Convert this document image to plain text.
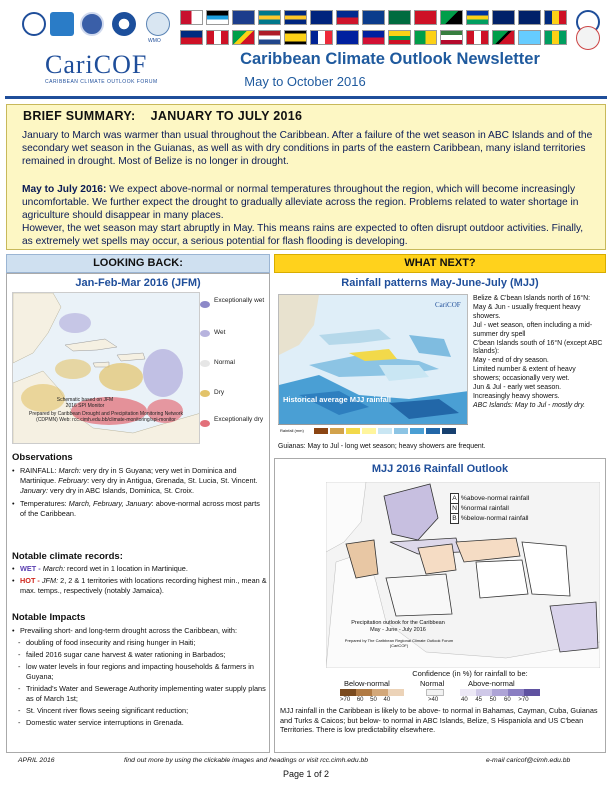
WMO
CariCOF
CARIBBEAN CLIMATE OUTLOOK FORUM
Caribbean Climate Outlook Newsletter
May to October 2016
BRIEF SUMMARY:    JANUARY TO JULY 2016
January to March was warmer than usual throughout the Caribbean. After a failure of the wet season in ABC Islands and of the secondary wet season in the Guianas, as well as with dry conditions in parts of the eastern Caribbean, many island territories remained in drought. Most of Belize is no longer in drought.
May to July 2016: We expect above-normal or normal temperatures throughout the region, which will become increasingly uncomfortable. We further expect the drought to gradually alleviate across the region. Problems related to water shortage in agriculture should disappear in many places.
However, the wet season may start abruptly in May. This means rains are expected to often disrupt outdoor activities. Finally, as extremely wet spells may occur, a serious potential for flash flooding is developing.
LOOKING BACK:
Jan-Feb-Mar 2016 (JFM)
Schematic based on JFM 2016 SPI Monitor
Prepared by Caribbean Drought and Precipitation Monitoring Network (CDPMN) Web: rcc.cimh.edu.bb/climate-monitoring/spi-monitor
Exceptionally wet
Wet
Normal
Dry
Exceptionally dry
Observations
• RAINFALL: March: very dry in S Guyana; very wet in Dominica and Martinique. February: very dry in Antigua, Grenada, St. Lucia, St. Vincent. January: very dry in ABC Islands, Dominica, St. Croix.
• Temperatures: March, February, January: above-normal across most parts of the Caribbean.
Notable climate records:
• WET - March: record wet in 1 location in Martinique.
• HOT - JFM: 2, 2 & 1 territories with locations recording highest min., mean & max. temps., respectively (notably Jamaica).
Notable Impacts
• Prevailing short- and long-term drought across the Caribbean, with:
- doubling of food insecurity and rising hunger in Haiti;
- failed 2016 sugar cane harvest & water rationing in Barbados;
- low water levels in four regions and impacting households & farmers in Guyana;
- Trinidad's Water and Sewerage Authority implementing water supply plans as of March 1st;
- St. Vincent river flows seeing significant reduction;
- Domestic water service interruptions in Grenada.
WHAT NEXT?
Rainfall patterns May-June-July (MJJ)
CariCOF
Historical average MJJ rainfall
Rainfall (mm)
Belize & C'bean Islands north of 16°N:
May & Jun - usually frequent heavy showers.
Jul - wet season, often including a mid-summer dry spell
C'bean Islands south of 16°N (except ABC Islands):
May - end of dry season.
Limited number & extent of heavy showers; occasionally very wet.
Jun & Jul - early wet season.
Increasingly heavy showers.
ABC Islands: May to Jul - mostly dry.
Guianas: May to Jul - long wet season; heavy showers are frequent.
MJJ 2016 Rainfall Outlook
Precipitation outlook for the Caribbean May - June - July 2016
Prepared by The Caribbean Regional Climate Outlook Forum (CariCOF)
A %above-normal rainfall
N %normal rainfall
B %below-normal rainfall
Confidence (in %) for rainfall to be:
Below-normal	Normal	Above-normal
>70 60 50 40	>40	40 45 50 60 >70
MJJ rainfall in the Caribbean is likely to be above- to normal in Bahamas, Cayman, Cuba, Guianas and Turks & Caicos; but below- to normal in ABC Islands, Belize, S Hispaniola and US C'bean Territories. There is low predictability elsewhere.
APRIL 2016	find out more by using the clickable images and headings or visit rcc.cimh.edu.bb	e-mail caricof@cimh.edu.bb
Page 1 of 2
